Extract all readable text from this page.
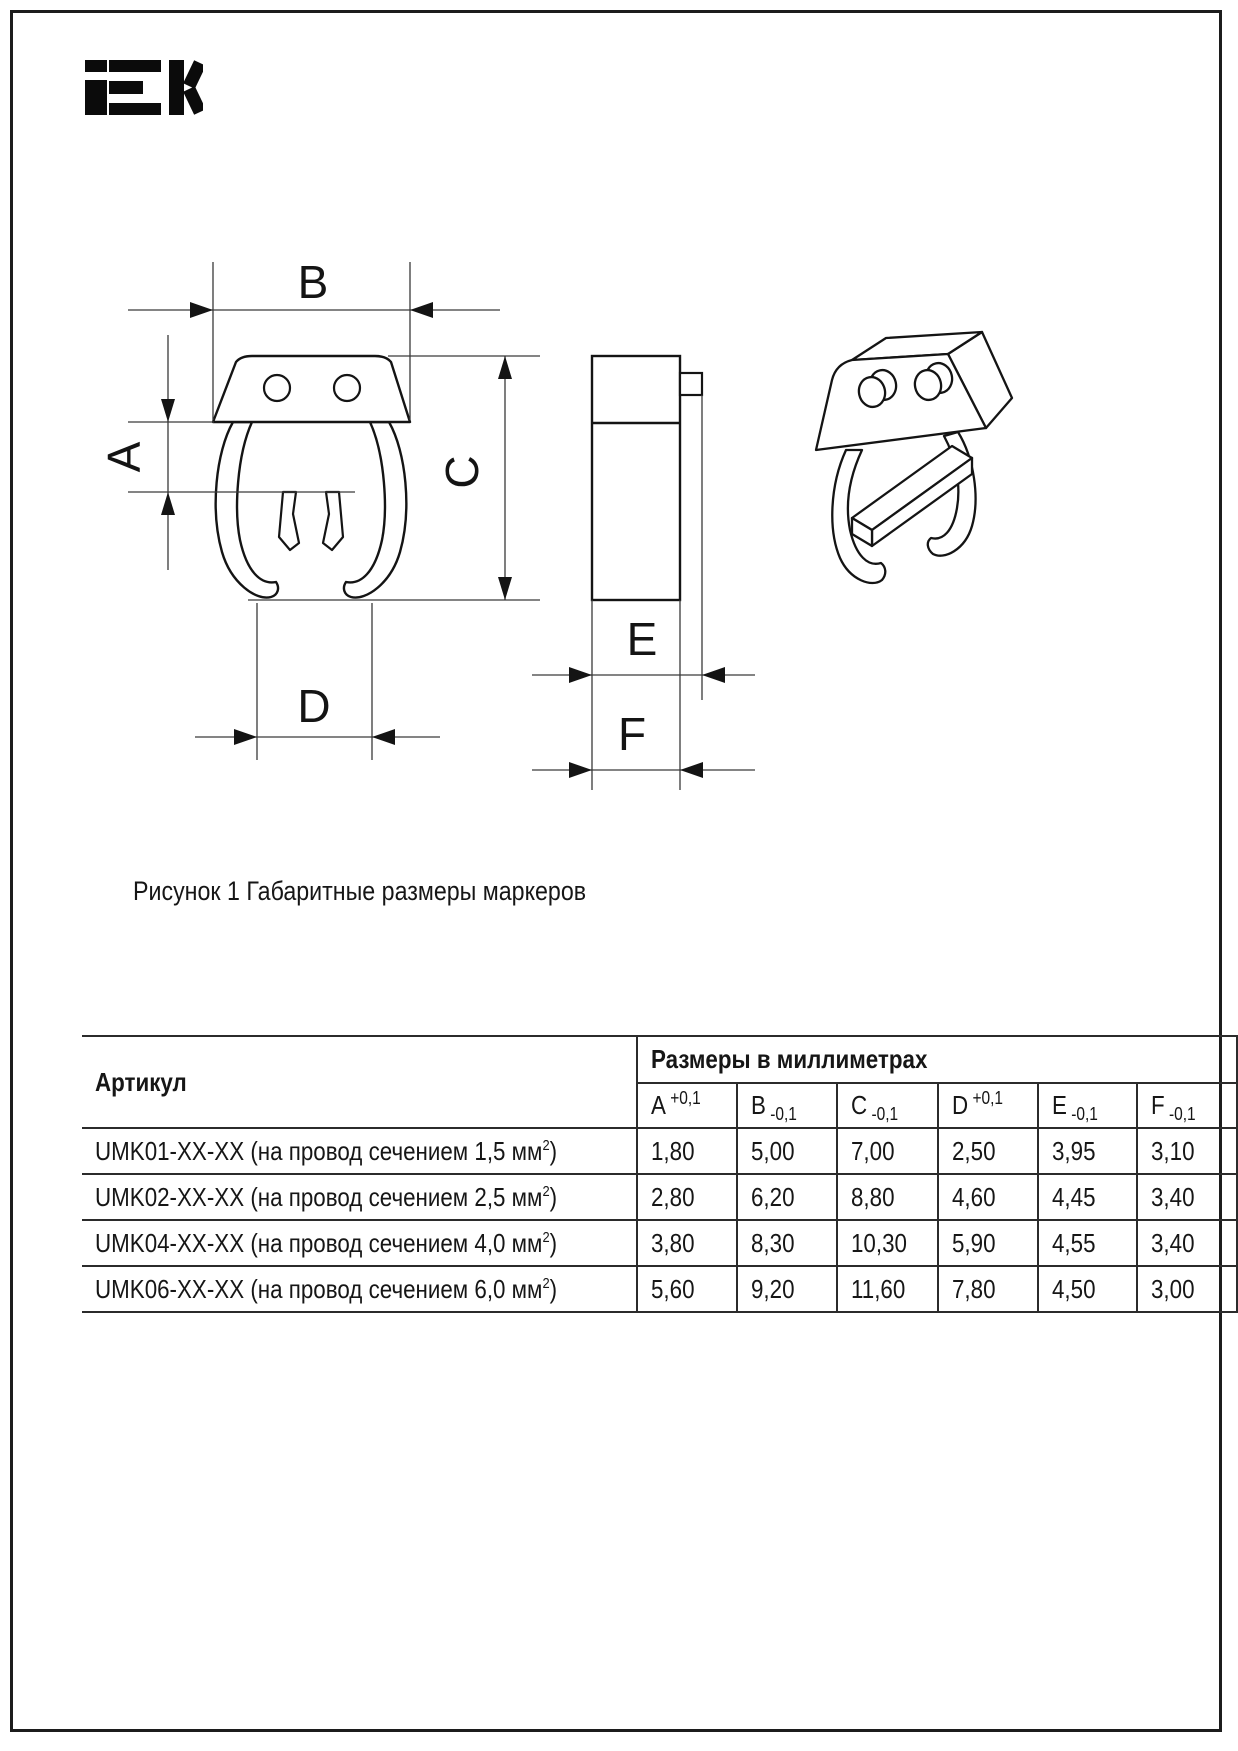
B
A	C
D
E
F
Рисунок 1 Габаритные размеры маркеров
Артикул	Размеры в миллиметрах					
	A $^{+0,1}$	B $_{-0,1}$	C $_{-0,1}$	D $^{+0,1}$	E $_{-0,1}$	F $_{-0,1}$
UMK01-XX-XX (на провод сечением 1,5 $мм^2$)	1,80	5,00	7,00	2,50	3,95	3,10
UMK02-XX-XX (на провод сечением 2,5 $мм^2$)	2,80	6,20	8,80	4,60	4,45	3,40
UMK04-XX-XX (на провод сечением 4,0 $мм^2$)	3,80	8,30	10,30	5,90	4,55	3,40
UMK06-XX-XX (на провод сечением 6,0 $мм^2$)	5,60	9,20	11,60	7,80	4,50	3,00
